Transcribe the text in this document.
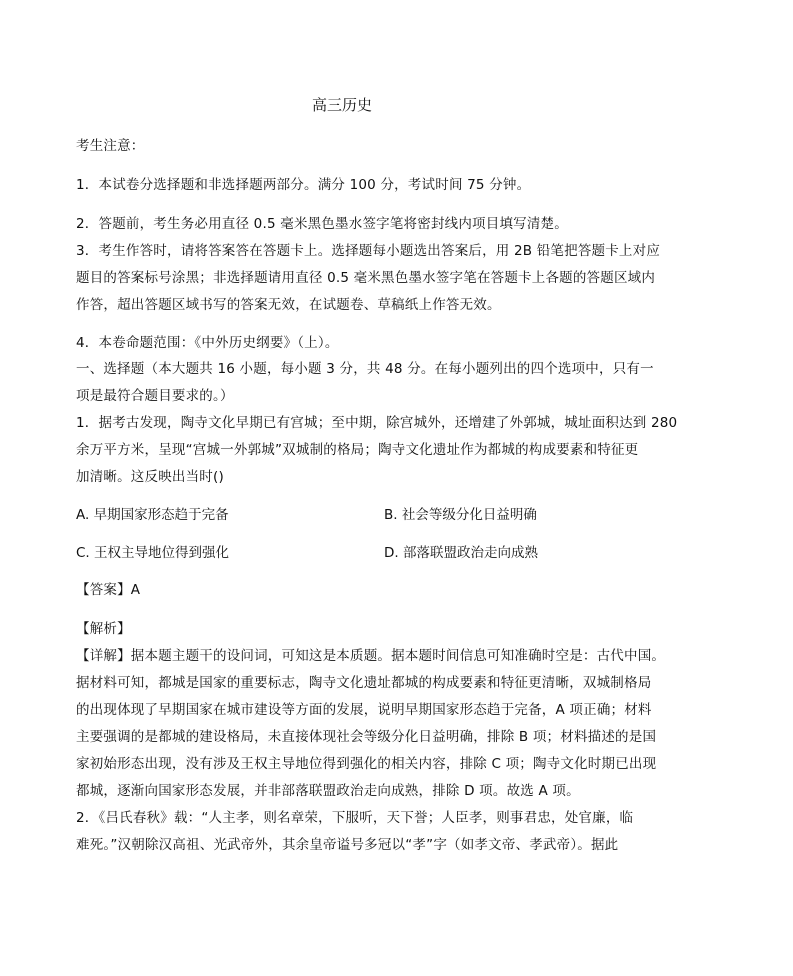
高三历史
考生注意：
1．本试卷分选择题和非选择题两部分。满分 100 分，考试时间 75 分钟。
2．答题前，考生务必用直径 0.5 毫米黑色墨水签字笔将密封线内项目填写清楚。
3．考生作答时，请将答案答在答题卡上。选择题每小题选出答案后，用 2B 铅笔把答题卡上对应
题目的答案标号涂黑；非选择题请用直径 0.5 毫米黑色墨水签字笔在答题卡上各题的答题区域内
作答，超出答题区域书写的答案无效，在试题卷、草稿纸上作答无效。
4．本卷命题范围：《中外历史纲要》（上）。
一、选择题（本大题共 16 小题，每小题 3 分，共 48 分。在每小题列出的四个选项中，只有一
项是最符合题目要求的。）
1．据考古发现，陶寺文化早期已有宫城；至中期，除宫城外，还增建了外郭城，城址面积达到 280
余万平方米，呈现“宫城一外郭城”双城制的格局；陶寺文化遗址作为都城的构成要素和特征更
加清晰。这反映出当时()
A. 早期国家形态趋于完备	B. 社会等级分化日益明确
C. 王权主导地位得到强化	D. 部落联盟政治走向成熟
【答案】A
【解析】
【详解】据本题主题干的设问词，可知这是本质题。据本题时间信息可知准确时空是：古代中国。
据材料可知，都城是国家的重要标志，陶寺文化遗址都城的构成要素和特征更清晰，双城制格局
的出现体现了早期国家在城市建设等方面的发展，说明早期国家形态趋于完备，A 项正确；材料
主要强调的是都城的建设格局，未直接体现社会等级分化日益明确，排除 B 项；材料描述的是国
家初始形态出现，没有涉及王权主导地位得到强化的相关内容，排除 C 项；陶寺文化时期已出现
都城，逐渐向国家形态发展，并非部落联盟政治走向成熟，排除 D 项。故选 A 项。
2．《吕氏春秋》载：“人主孝，则名章荣，下服听，天下誉；人臣孝，则事君忠，处官廉，临
难死。”汉朝除汉高祖、光武帝外，其余皇帝谥号多冠以“孝”字（如孝文帝、孝武帝）。据此
